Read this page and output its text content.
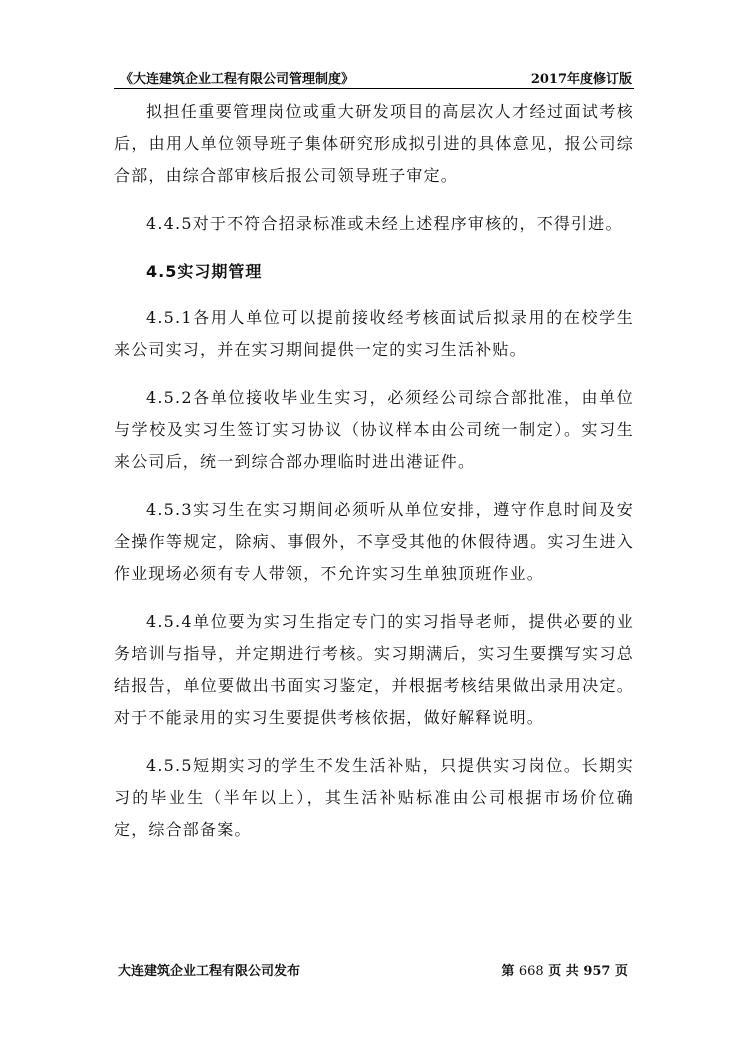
《大连建筑企业工程有限公司管理制度》	2017年度修订版

拟担任重要管理岗位或重大研发项目的高层次人才经过面试考核后，由用人单位领导班子集体研究形成拟引进的具体意见，报公司综合部，由综合部审核后报公司领导班子审定。

4.4.5对于不符合招录标准或未经上述程序审核的，不得引进。

4.5实习期管理

4.5.1各用人单位可以提前接收经考核面试后拟录用的在校学生来公司实习，并在实习期间提供一定的实习生活补贴。

4.5.2各单位接收毕业生实习，必须经公司综合部批准，由单位与学校及实习生签订实习协议（协议样本由公司统一制定）。实习生来公司后，统一到综合部办理临时进出港证件。

4.5.3实习生在实习期间必须听从单位安排，遵守作息时间及安全操作等规定，除病、事假外，不享受其他的休假待遇。实习生进入作业现场必须有专人带领，不允许实习生单独顶班作业。

4.5.4单位要为实习生指定专门的实习指导老师，提供必要的业务培训与指导，并定期进行考核。实习期满后，实习生要撰写实习总结报告，单位要做出书面实习鉴定，并根据考核结果做出录用决定。对于不能录用的实习生要提供考核依据，做好解释说明。

4.5.5短期实习的学生不发生活补贴，只提供实习岗位。长期实习的毕业生（半年以上），其生活补贴标准由公司根据市场价位确定，综合部备案。

大连建筑企业工程有限公司发布	第 668 页 共 957 页
